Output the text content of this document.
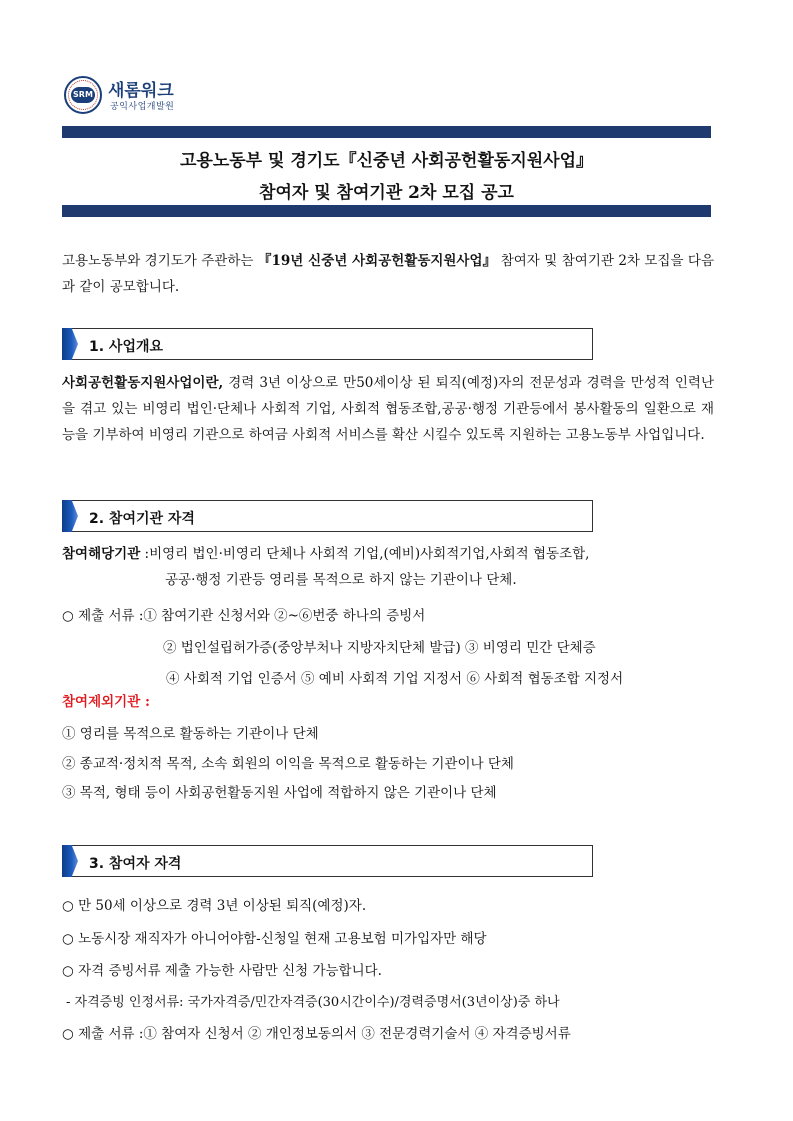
SRM 새롬워크
공익사업개발원
고용노동부 및 경기도『신중년 사회공헌활동지원사업』
참여자 및 참여기관 2차 모집 공고

고용노동부와 경기도가 주관하는 『19년 신중년 사회공헌활동지원사업』 참여자 및 참여기관 2차 모집을 다음과 같이 공모합니다.

1. 사업개요

사회공헌활동지원사업이란, 경력 3년 이상으로 만50세이상 된 퇴직(예정)자의 전문성과 경력을 만성적 인력난을 겪고 있는 비영리 법인·단체나 사회적 기업, 사회적 협동조합,공공·행정 기관등에서 봉사활동의 일환으로 재능을 기부하여 비영리 기관으로 하여금 사회적 서비스를 확산 시킬수 있도록 지원하는 고용노동부 사업입니다.

2. 참여기관 자격
참여해당기관 :비영리 법인·비영리 단체나 사회적 기업,(예비)사회적기업,사회적 협동조합,
공공·행정 기관등 영리를 목적으로 하지 않는 기관이나 단체.
○ 제출 서류 :① 참여기관 신청서와 ②~⑥번중 하나의 증빙서
② 법인설립허가증(중앙부처나 지방자치단체 발급) ③ 비영리 민간 단체증
④ 사회적 기업 인증서 ⑤ 예비 사회적 기업 지정서 ⑥ 사회적 협동조합 지정서
참여제외기관 :
① 영리를 목적으로 활동하는 기관이나 단체
② 종교적·정치적 목적, 소속 회원의 이익을 목적으로 활동하는 기관이나 단체
③ 목적, 형태 등이 사회공헌활동지원 사업에 적합하지 않은 기관이나 단체
3. 참여자 자격
○ 만 50세 이상으로 경력 3년 이상된 퇴직(예정)자.
○ 노동시장 재직자가 아니어야함-신청일 현재 고용보험 미가입자만 해당
○ 자격 증빙서류 제출 가능한 사람만 신청 가능합니다.
- 자격증빙 인정서류: 국가자격증/민간자격증(30시간이수)/경력증명서(3년이상)중 하나
○ 제출 서류 :① 참여자 신청서 ② 개인정보동의서 ③ 전문경력기술서 ④ 자격증빙서류
